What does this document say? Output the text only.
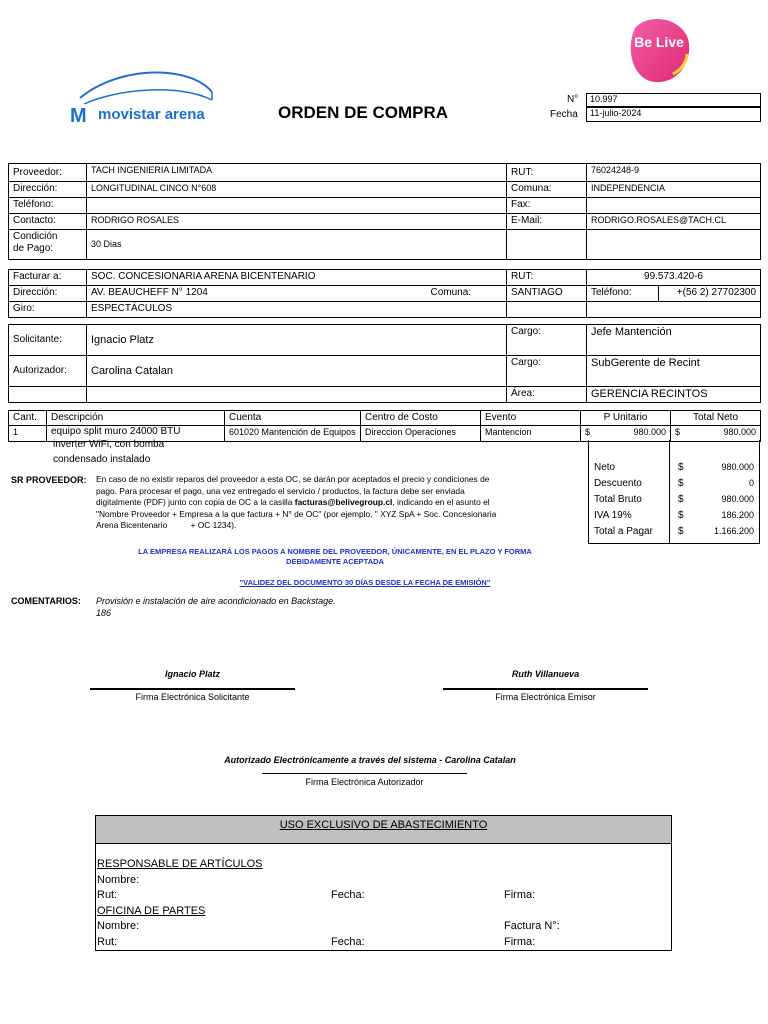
M movistar arena
Be Live
ORDEN DE COMPRA
N°	10.997
Fecha	11-julio-2024
Proveedor:	TACH INGENIERIA LIMITADA	RUT:	76024248-9
Dirección:	LONGITUDINAL CINCO N°608	Comuna:	INDEPENDENCIA
Teléfono:		Fax:	
Contacto:	RODRIGO ROSALES	E-Mail:	RODRIGO.ROSALES@TACH.CL

Condición
de Pago:	30 Dias		
Facturar a:	SOC. CONCESIONARIA ARENA BICENTENARIO		RUT:	99.573.420-6	
Dirección:	AV. BEAUCHEFF N° 1204	Comuna:	SANTIAGO	Teléfono:	+(56 2) 27702300
Giro:	ESPECTÁCULOS				
Solicitante:	Ignacio Platz	Cargo:	Jefe Mantención
Autorizador:	Carolina Catalan	Cargo:	SubGerente de Recint
		Área:	GERENCIA RECINTOS
Cant.	Descripción	Cuenta	Centro de Costo	Evento	P Unitario	Total Neto
1	equipo split muro 24000 BTU	601020 Mantención de Equipos	Direccion Operaciones	Mantencion	$ 980.000	$ 980.000
inverter WiFi, con bomba
condensado instalado
Neto	$	980.000
Descuento	$	0
Total Bruto	$	980.000
IVA 19%	$	186.200
Total a Pagar	$	1.166.200
SR PROVEEDOR: En caso de no existir reparos del proveedor a esta OC, se darán por aceptados el precio y condiciones de
pago. Para procesar el pago, una vez entregado el servicio / productos, la factura debe ser enviada
digitalmente (PDF) junto con copia de OC a la casilla facturas@belivegroup.cl, indicando en el asunto el
"Nombre Proveedor + Empresa a la que factura + N° de OC" (por ejemplo, " XYZ SpA + Soc. Concesionaria
Arena Bicentenario          + OC 1234).
LA EMPRESA REALIZARÁ LOS PAGOS A NOMBRE DEL PROVEEDOR, ÚNICAMENTE, EN EL PLAZO Y FORMA
DEBIDAMENTE ACEPTADA
"VALIDEZ DEL DOCUMENTO 30 DÍAS DESDE LA FECHA DE EMISIÓN"
COMENTARIOS: Provisión e instalación de aire acondicionado en Backstage.
186
Ignacio Platz
Firma Electrónica Solicitante
Ruth Villanueva
Firma Electrónica Emisor
Autorizado Electrónicamente a través del sistema - Carolina Catalan
Firma Electrónica Autorizador
USO EXCLUSIVO DE ABASTECIMIENTO
RESPONSABLE DE ARTÍCULOS
Nombre:
Rut:	Fecha:	Firma:
OFICINA DE PARTES
Nombre:	Factura N°:
Rut:	Fecha:	Firma:
